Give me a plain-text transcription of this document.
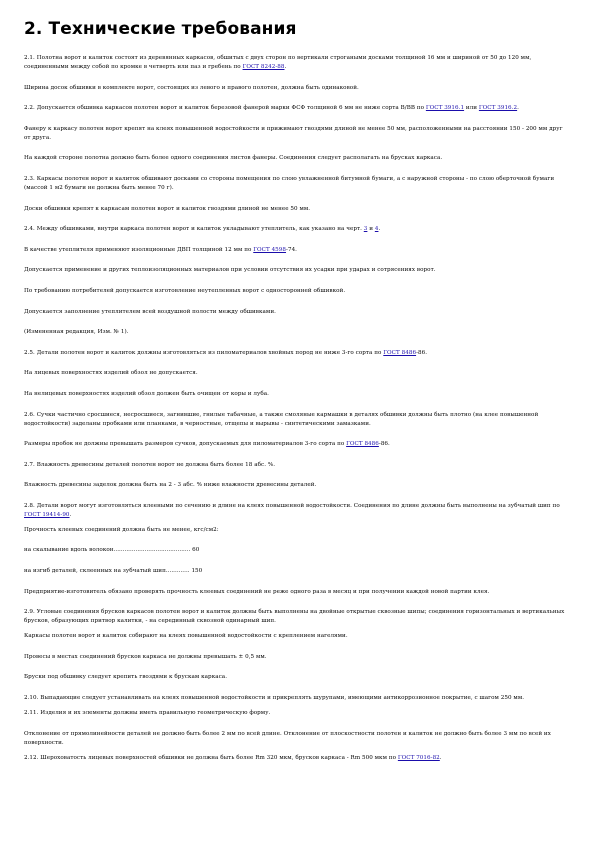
2. Технические требования
2.1. Полотна ворот и калиток состоят из деревянных каркасов, обшитых с двух сторон по вертикали строгаными досками толщиной 16 мм и шириной от 50 до 120 мм, соединенными между собой по кромке в четверть или паз и гребень по ГОСТ 8242-88.
Ширина досок обшивки в комплекте ворот, состоящих из левого и правого полотен, должна быть одинаковой.
2.2. Допускается обшивка каркасов полотен ворот и калиток березовой фанерой марки ФСФ толщиной 6 мм не ниже сорта В/ВВ по ГОСТ 3916.1 или ГОСТ 3916.2.
Фанеру к каркасу полотен ворот крепят на клеях повышенной водостойкости и прижимают гвоздями длиной не менее 50 мм, расположенными на расстоянии 150 - 200 мм друг от друга.
На каждой стороне полотна должно быть более одного соединения листов фанеры. Соединения следует располагать на брусках каркаса.
2.3. Каркасы полотен ворот и калиток обшивают досками со стороны помещения по слою увлажненной битумной бумаги, а с наружной стороны - по слою оберточной бумаги (массой 1 м2 бумаги не должна быть менее 70 г).
Доски обшивки крепят к каркасам полотен ворот и калиток гвоздями длиной не менее 50 мм.
2.4. Между обшивками, внутри каркаса полотен ворот и калиток укладывают утеплитель, как указано на черт. 3 и 4.
В качестве утеплителя применяют изоляционные ДВП толщиной 12 мм по ГОСТ 4598-74.
Допускается применение и других теплоизоляционных материалов при условии отсутствия их усадки при ударах и сотрясениях ворот.
По требованию потребителей допускается изготовление неутепленных ворот с односторонней обшивкой.
Допускается заполнение утеплителем всей воздушной полости между обшивками.
(Измененная редакция, Изм. № 1).
2.5. Детали полотен ворот и калиток должны изготовляться из пиломатериалов хвойных пород не ниже 3-го сорта по ГОСТ 8486-86.
На лицевых поверхностях изделий обзол не допускается.
На нелицевых поверхностях изделий обзол должен быть очищен от коры и луба.
2.6. Сучки частично сросшиеся, несросшиеся, загнившие, гнилые табачные, а также смоляные кармашки в деталях обшивки должны быть плотно (на клее повышенной водостойкости) заделаны пробками или планками, в черностные, отщепы и вырывы - синтетическими замазками.
Размеры пробок не должны превышать размеров сучков, допускаемых для пиломатериалов 3-го сорта по ГОСТ 8486-86.
2.7. Влажность древесины деталей полотен ворот не должна быть более 18 абс. %.
Влажность древесины заделок должна быть на 2 - 3 абс. % ниже влажности древесины деталей.
2.8. Детали ворот могут изготовляться клееными по сечению и длине на клеях повышенной водостойкости. Соединения по длине должны быть выполнены на зубчатый шип по ГОСТ 19414-90.
Прочность клеевых соединений должна быть не менее, кгс/см2:
на скалывание вдоль волокон.......................................... 60
на изгиб деталей, склеенных на зубчатый шип............. 150
Предприятие-изготовитель обязано проверять прочность клеевых соединений не реже одного раза в месяц и при получении каждой новой партии клея.
2.9. Угловые соединения брусков каркасов полотен ворот и калиток должны быть выполнены на двойные открытые сквозные шипы; соединения горизонтальных и вертикальных брусков, образующих притвор калитки, - на серединный сквозной одинарный шип.
Каркасы полотен ворот и калиток собирают на клеях повышенной водостойкости с креплением нагелями.
Провесы в местах соединений брусков каркаса не должны превышать ± 0,5 мм.
Бруски под обшивку следует крепить гвоздями к брускам каркаса.
2.10. Выпадающие следует устанавливать на клеях повышенной водостойкости и прикреплять шурупами, имеющими антикоррозионное покрытие, с шагом 250 мм.
2.11. Изделия и их элементы должны иметь правильную геометрическую форму.
Отклонение от прямолинейности деталей не должно быть более 2 мм по всей длине. Отклонение от плоскостности полотен и калиток не должно быть более 3 мм по всей их поверхности.
2.12. Шероховатость лицевых поверхностей обшивки не должна быть более Rm 320 мкм, брусков каркаса - Rm 500 мкм по ГОСТ 7016-82.
